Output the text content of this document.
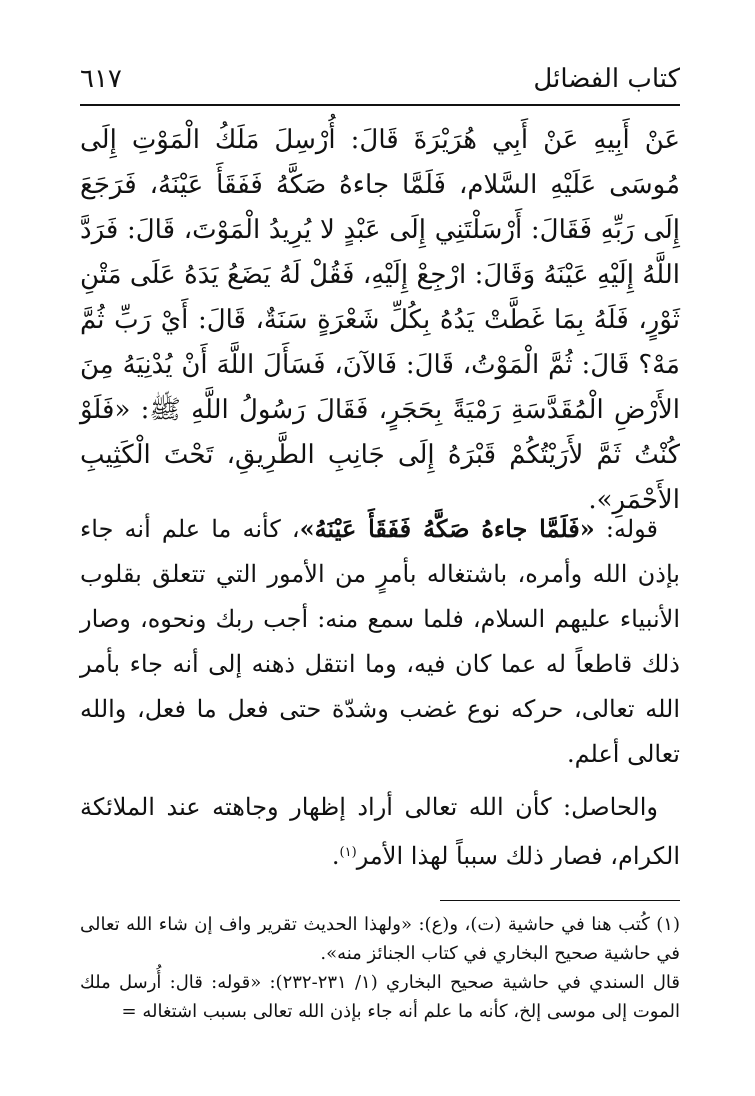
كتاب الفضائل
٦١٧

عَنْ أَبِيهِ عَنْ أَبِي هُرَيْرَةَ قَالَ: أُرْسِلَ مَلَكُ الْمَوْتِ إِلَى مُوسَى عَلَيْهِ السَّلام، فَلَمَّا جاءهُ صَكَّهُ فَفَقَأَ عَيْنَهُ، فَرَجَعَ إِلَى رَبِّهِ فَقَالَ: أَرْسَلْتَنِي إِلَى عَبْدٍ لا يُرِيدُ الْمَوْتَ، قَالَ: فَرَدَّ اللَّهُ إِلَيْهِ عَيْنَهُ وَقَالَ: ارْجِعْ إِلَيْهِ، فَقُلْ لَهُ يَضَعُ يَدَهُ عَلَى مَتْنِ ثَوْرٍ، فَلَهُ بِمَا غَطَّتْ يَدُهُ بِكُلِّ شَعْرَةٍ سَنَةٌ، قَالَ: أَيْ رَبِّ ثُمَّ مَهْ؟ قَالَ: ثُمَّ الْمَوْتُ، قَالَ: فَالآنَ، فَسَأَلَ اللَّهَ أَنْ يُدْنِيَهُ مِنَ الأَرْضِ الْمُقَدَّسَةِ رَمْيَةً بِحَجَرٍ، فَقَالَ رَسُولُ اللَّهِ ﷺ: «فَلَوْ كُنْتُ ثَمَّ لأَرَيْتُكُمْ قَبْرَهُ إِلَى جَانِبِ الطَّرِيقِ، تَحْتَ الْكَثِيبِ الأَحْمَرِ».

قوله: «فَلَمَّا جاءهُ صَكَّهُ فَفَقَأَ عَيْنَهُ»، كأنه ما علم أنه جاء بإذن الله وأمره، باشتغاله بأمرٍ من الأمور التي تتعلق بقلوب الأنبياء عليهم السلام، فلما سمع منه: أجب ربك ونحوه، وصار ذلك قاطعاً له عما كان فيه، وما انتقل ذهنه إلى أنه جاء بأمر الله تعالى، حركه نوع غضب وشدّة حتى فعل ما فعل، والله تعالى أعلم.

والحاصل: كأن الله تعالى أراد إظهار وجاهته عند الملائكة الكرام، فصار ذلك سبباً لهذا الأمر$^{(١)}$.

(١) كُتب هنا في حاشية (ت)، و(ع): «ولهذا الحديث تقرير واف إن شاء الله تعالى في حاشية صحيح البخاري في كتاب الجنائز منه».

قال السندي في حاشية صحيح البخاري (١/ ٢٣١-٢٣٢): «قوله: قال: أُرسل ملك الموت إلى موسى إلخ، كأنه ما علم أنه جاء بإذن الله تعالى بسبب اشتغاله =
